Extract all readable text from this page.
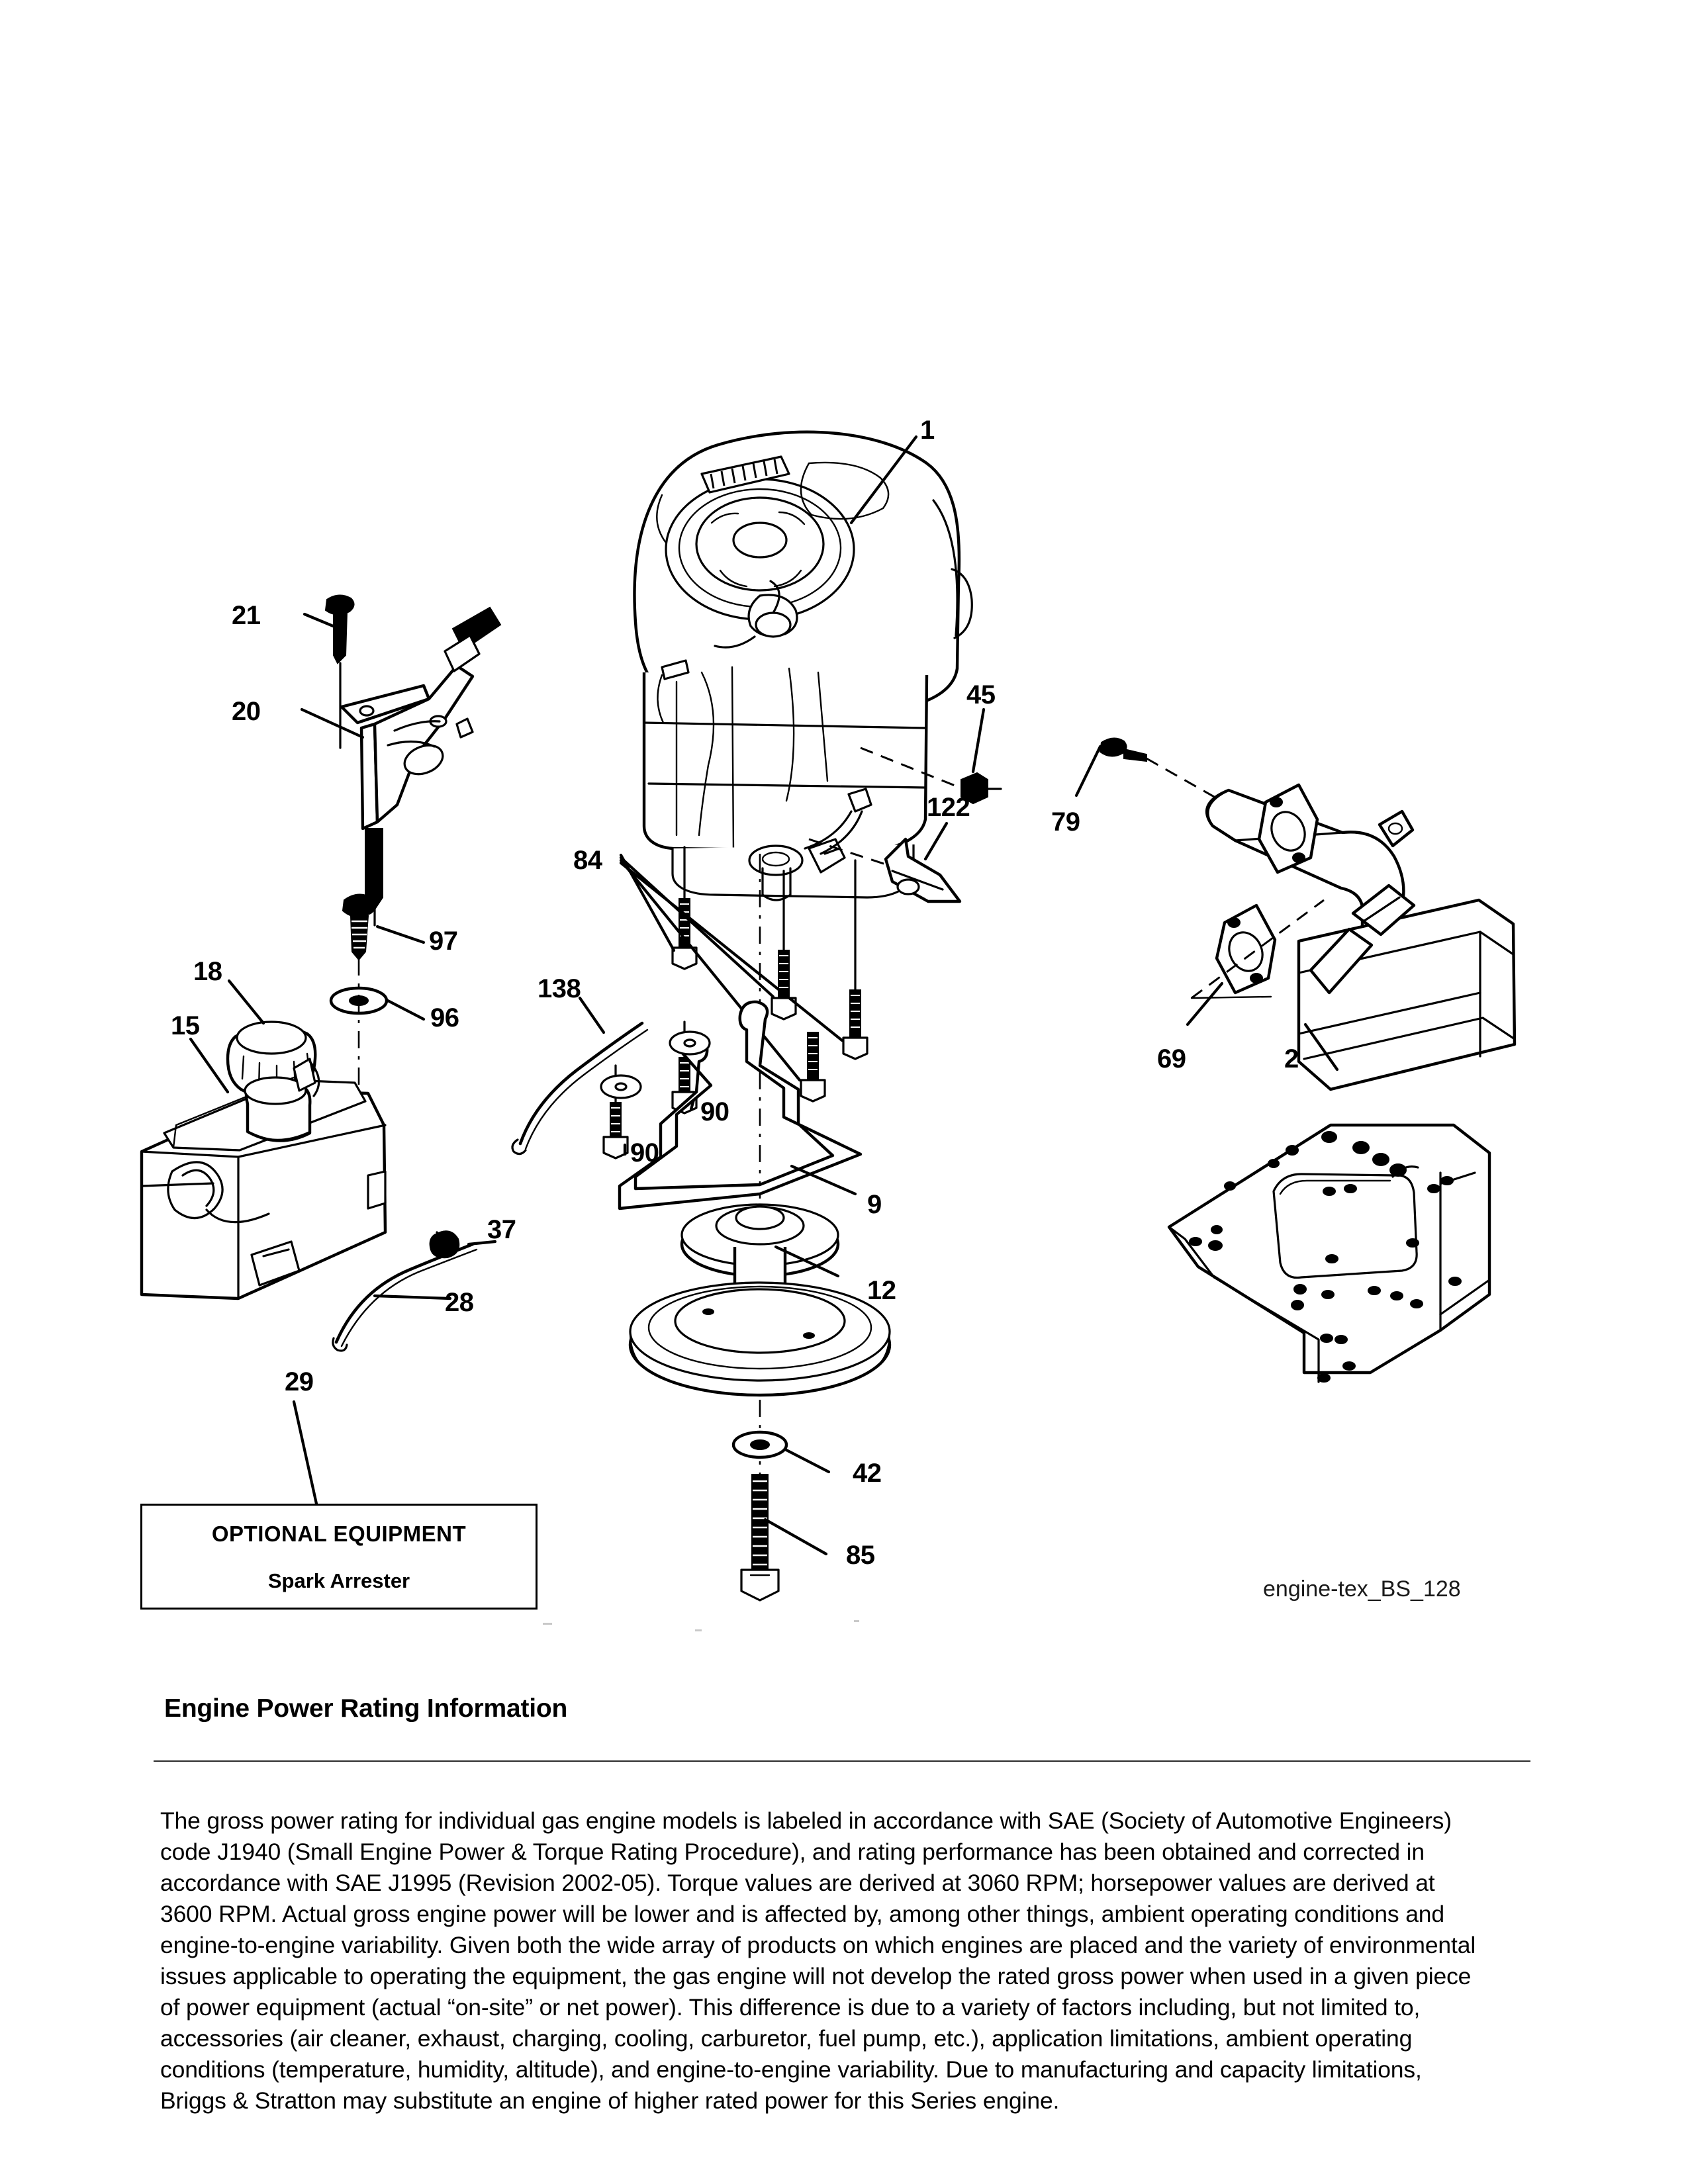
1
21
20
45
122	79
84
97
18
96
138
15
69	2
90
90
9
37
12
28
29
42
85
OPTIONAL EQUIPMENT
Spark Arrester	engine-tex_BS_128
Engine Power Rating Information

The gross power rating for individual gas engine models is labeled in accordance with SAE (Society of Automotive Engineers) code J1940 (Small Engine Power & Torque Rating Procedure), and rating performance has been obtained and corrected in accordance with SAE J1995 (Revision 2002-05). Torque values are derived at 3060 RPM; horsepower values are derived at 3600 RPM. Actual gross engine power will be lower and is affected by, among other things, ambient operating conditions and engine-to-engine variability. Given both the wide array of products on which engines are placed and the variety of environmental issues applicable to operating the equipment, the gas engine will not develop the rated gross power when used in a given piece of power equipment (actual “on-site” or net power). This difference is due to a variety of factors including, but not limited to, accessories (air cleaner, exhaust, charging, cooling, carburetor, fuel pump, etc.), application limitations, ambient operating conditions (temperature, humidity, altitude), and engine-to-engine variability. Due to manufacturing and capacity limitations, Briggs & Stratton may substitute an engine of higher rated power for this Series engine.
